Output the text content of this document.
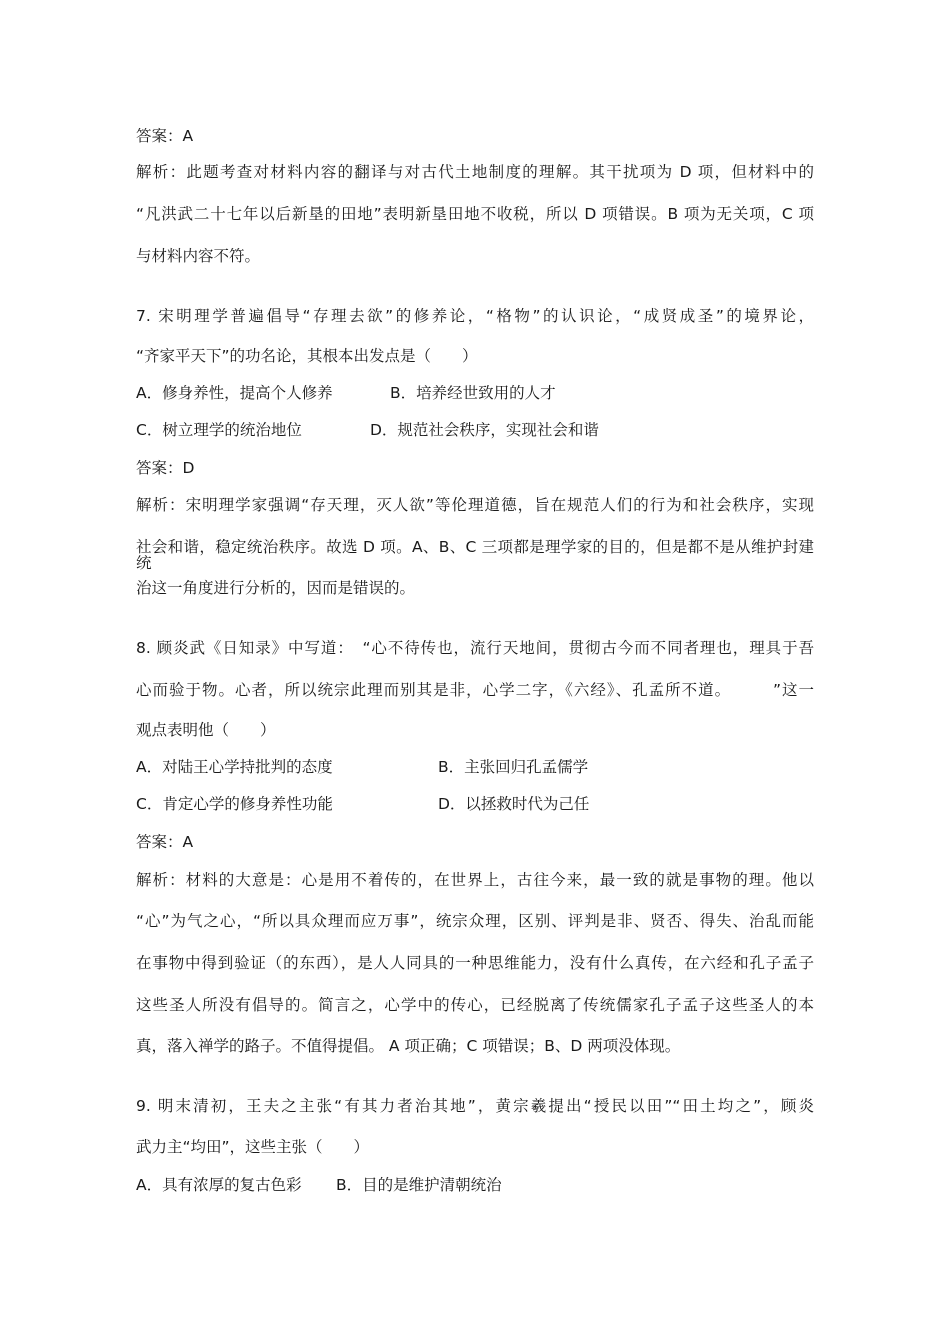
答案：A
解析：此题考查对材料内容的翻译与对古代土地制度的理解。其干扰项为 D 项，但材料中的
“凡洪武二十七年以后新垦的田地”表明新垦田地不收税，所以 D 项错误。B 项为无关项，C 项
与材料内容不符。
7. 宋明理学普遍倡导“存理去欲”的修养论，“格物”的认识论，“成贤成圣”的境界论，
“齐家平天下”的功名论，其根本出发点是（　　）
A．修身养性，提高个人修养	B．培养经世致用的人才
C．树立理学的统治地位	D．规范社会秩序，实现社会和谐
答案：D
解析：宋明理学家强调“存天理，灭人欲”等伦理道德，旨在规范人们的行为和社会秩序，实现
社会和谐，稳定统治秩序。故选 D 项。A、B、C 三项都是理学家的目的，但是都不是从维护封建统
治这一角度进行分析的，因而是错误的。
8. 顾炎武《日知录》中写道：　“心不待传也，流行天地间，贯彻古今而不同者理也，理具于吾
心而验于物。心者，所以统宗此理而别其是非，心学二字，《六经》、孔孟所不道。　　　”这一
观点表明他（　　）
A．对陆王心学持批判的态度	B．主张回归孔孟儒学
C．肯定心学的修身养性功能	D．以拯救时代为己任
答案：A
解析：材料的大意是：心是用不着传的，在世界上，古往今来，最一致的就是事物的理。他以
“心”为气之心，“所以具众理而应万事”，统宗众理，区别、评判是非、贤否、得失、治乱而能
在事物中得到验证（的东西），是人人同具的一种思维能力，没有什么真传，在六经和孔子孟子
这些圣人所没有倡导的。简言之，心学中的传心，已经脱离了传统儒家孔子孟子这些圣人的本
真，落入禅学的路子。不值得提倡。 A 项正确；C 项错误；B、D 两项没体现。
9. 明末清初，王夫之主张“有其力者治其地”，黄宗羲提出“授民以田”“田土均之”，顾炎
武力主“均田”，这些主张（　　）
A．具有浓厚的复古色彩 B．目的是维护清朝统治
